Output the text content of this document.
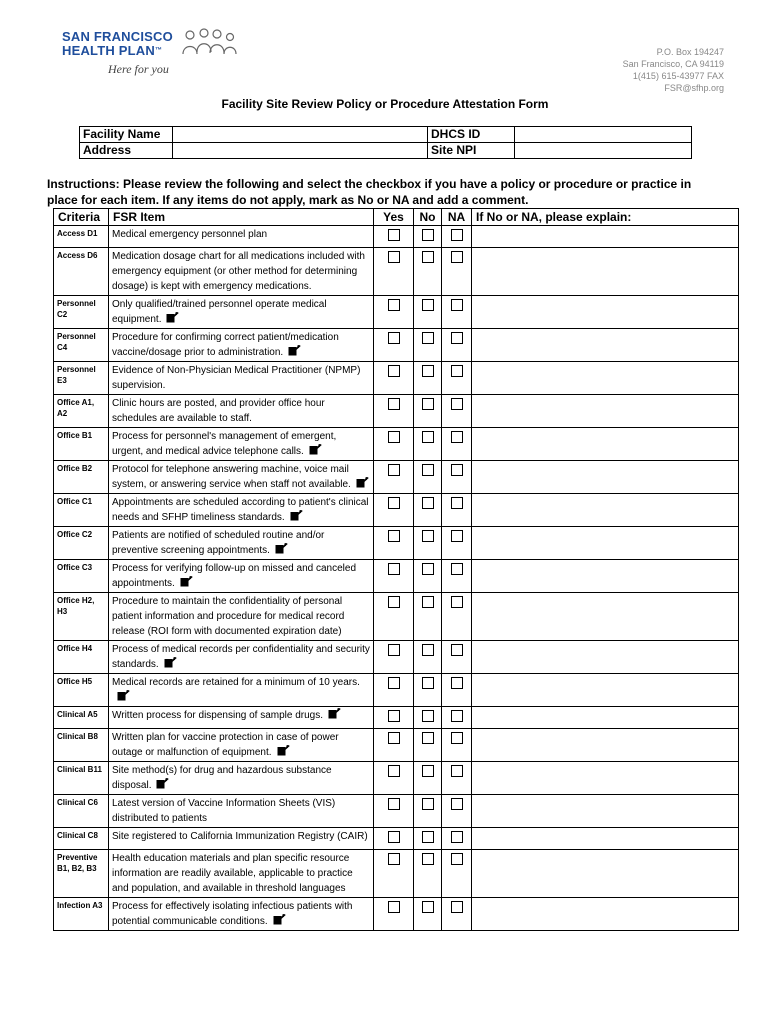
SAN FRANCISCO
HEALTH PLAN™
Here for you
P.O. Box 194247
San Francisco, CA 94119
1(415) 615-43977 FAX
FSR@sfhp.org
Facility Site Review Policy or Procedure Attestation Form
Facility Name		DHCS ID	
Address		Site NPI	
Instructions: Please review the following and select the checkbox if you have a policy or procedure or practice in place for each item. If any items do not apply, mark as No or NA and add a comment.
Criteria	FSR Item	Yes	No	NA	If No or NA, please explain:
Access D1	Medical emergency personnel plan				
Access D6	Medication dosage chart for all medications included with emergency equipment (or other method for determining dosage) is kept with emergency medications.				
Personnel C2	Only qualified/trained personnel operate medical equipment.				
Personnel C4	Procedure for confirming correct patient/medication vaccine/dosage prior to administration.				
Personnel E3	Evidence of Non-Physician Medical Practitioner (NPMP) supervision.				
Office A1, A2	Clinic hours are posted, and provider office hour schedules are available to staff.				
Office B1	Process for personnel's management of emergent, urgent, and medical advice telephone calls.				
Office B2	Protocol for telephone answering machine, voice mail system, or answering service when staff not available.				
Office C1	Appointments are scheduled according to patient's clinical needs and SFHP timeliness standards.				
Office C2	Patients are notified of scheduled routine and/or preventive screening appointments.				
Office C3	Process for verifying follow-up on missed and canceled appointments.				
Office H2, H3	Procedure to maintain the confidentiality of personal patient information and procedure for medical record release (ROI form with documented expiration date)				
Office H4	Process of medical records per confidentiality and security standards.				
Office H5	Medical records are retained for a minimum of 10 years.				
Clinical A5	Written process for dispensing of sample drugs.				
Clinical B8	Written plan for vaccine protection in case of power outage or malfunction of equipment.				
Clinical B11	Site method(s) for drug and hazardous substance disposal.				
Clinical C6	Latest version of Vaccine Information Sheets (VIS) distributed to patients				
Clinical C8	Site registered to California Immunization Registry (CAIR)				
Preventive B1, B2, B3	Health education materials and plan specific resource information are readily available, applicable to practice and population, and available in threshold languages				
Infection A3	Process for effectively isolating infectious patients with potential communicable conditions.				
